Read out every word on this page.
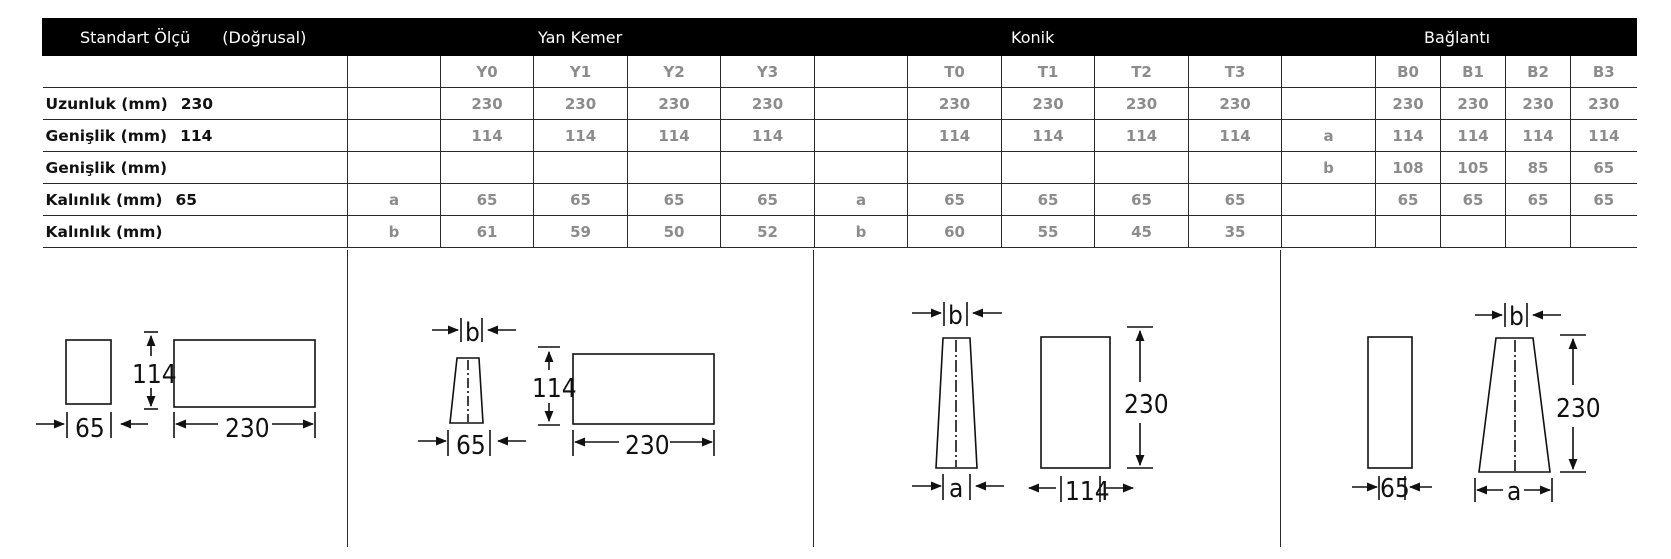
Standart Ölçü (Doğrusal)		Yan Kemer					Konik					Bağlantı			
		Y0	Y1	Y2	Y3		T0	T1	T2	T3		B0	B1	B2	B3
Uzunluk (mm) 230		230	230	230	230		230	230	230	230		230	230	230	230
Genişlik (mm) 114		114	114	114	114		114	114	114	114	a	114	114	114	114
Genişlik (mm)											b	108	105	85	65
Kalınlık (mm) 65	a	65	65	65	65	a	65	65	65	65		65	65	65	65
Kalınlık (mm)	b	61	59	50	52	b	60	55	45	35					
114
65	230
b
65
114
230
b
a	114
230
65
b
a
230
